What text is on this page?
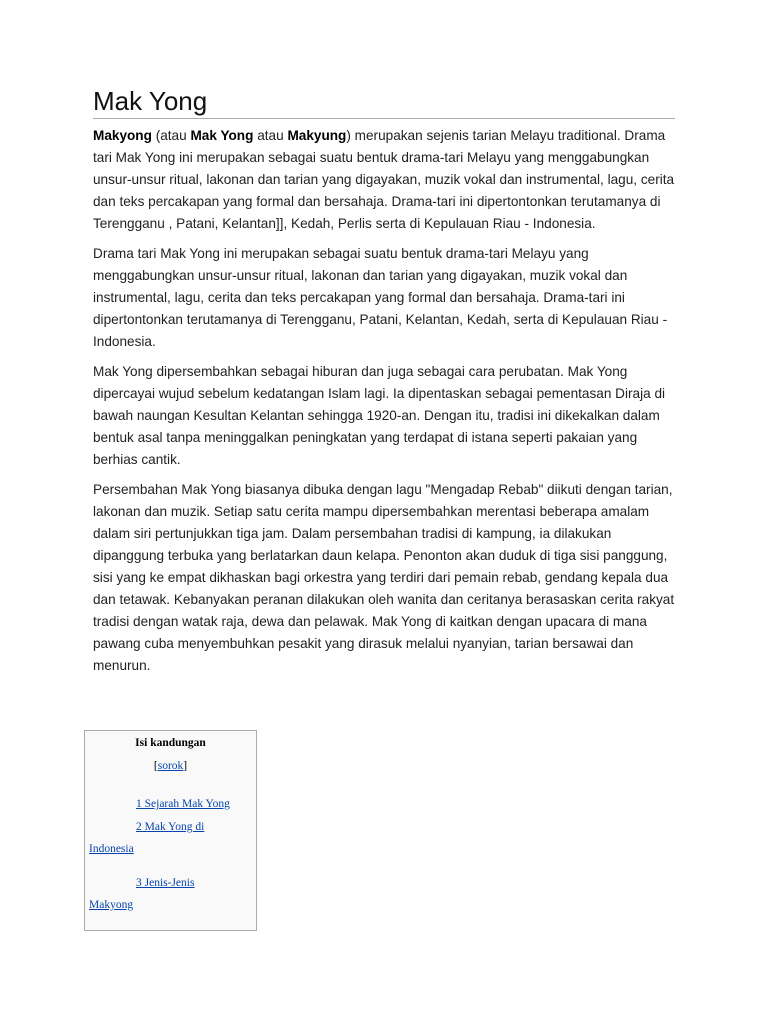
Mak Yong

Makyong (atau Mak Yong atau Makyung) merupakan sejenis tarian Melayu traditional. Drama tari Mak Yong ini merupakan sebagai suatu bentuk drama-tari Melayu yang menggabungkan unsur-unsur ritual, lakonan dan tarian yang digayakan, muzik vokal dan instrumental, lagu, cerita dan teks percakapan yang formal dan bersahaja. Drama-tari ini dipertontonkan terutamanya di Terengganu , Patani, Kelantan]], Kedah, Perlis serta di Kepulauan Riau - Indonesia.

Drama tari Mak Yong ini merupakan sebagai suatu bentuk drama-tari Melayu yang menggabungkan unsur-unsur ritual, lakonan dan tarian yang digayakan, muzik vokal dan instrumental, lagu, cerita dan teks percakapan yang formal dan bersahaja. Drama-tari ini dipertontonkan terutamanya di Terengganu, Patani, Kelantan, Kedah, serta di Kepulauan Riau - Indonesia.

Mak Yong dipersembahkan sebagai hiburan dan juga sebagai cara perubatan. Mak Yong dipercayai wujud sebelum kedatangan Islam lagi. Ia dipentaskan sebagai pementasan Diraja di bawah naungan Kesultan Kelantan sehingga 1920-an. Dengan itu, tradisi ini dikekalkan dalam bentuk asal tanpa meninggalkan peningkatan yang terdapat di istana seperti pakaian yang berhias cantik.

Persembahan Mak Yong biasanya dibuka dengan lagu "Mengadap Rebab" diikuti dengan tarian, lakonan dan muzik. Setiap satu cerita mampu dipersembahkan merentasi beberapa amalam dalam siri pertunjukkan tiga jam. Dalam persembahan tradisi di kampung, ia dilakukan dipanggung terbuka yang berlatarkan daun kelapa. Penonton akan duduk di tiga sisi panggung, sisi yang ke empat dikhaskan bagi orkestra yang terdiri dari pemain rebab, gendang kepala dua dan tetawak. Kebanyakan peranan dilakukan oleh wanita dan ceritanya berasaskan cerita rakyat tradisi dengan watak raja, dewa dan pelawak. Mak Yong di kaitkan dengan upacara di mana pawang cuba menyembuhkan pesakit yang dirasuk melalui nyanyian, tarian bersawai dan menurun.

Isi kandungan
[sorok]
1 Sejarah Mak Yong
2 Mak Yong di
Indonesia
3 Jenis-Jenis
Makyong
